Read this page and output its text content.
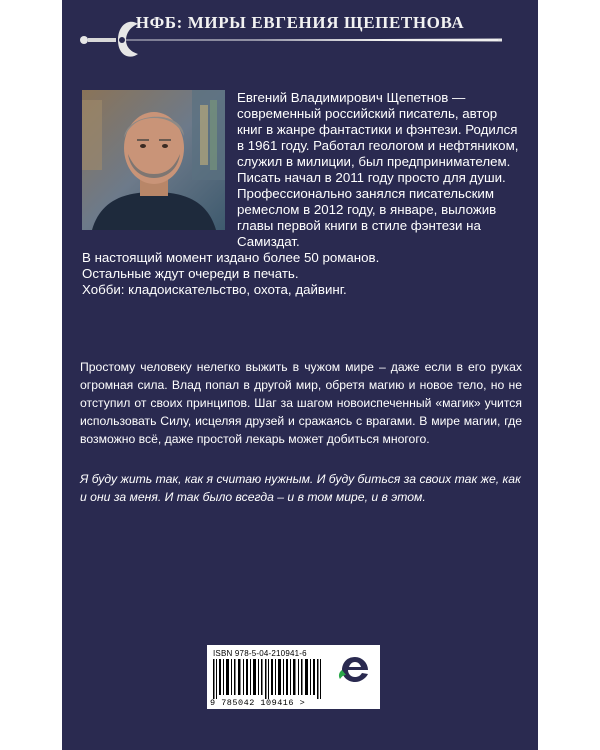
НФБ: МИРЫ ЕВГЕНИЯ ЩЕПЕТНОВА

Евгений Владимирович Щепетнов — современный российский писатель, автор книг в жанре фантастики и фэнтези. Родился в 1961 году. Работал геологом и нефтяником, служил в милиции, был предпринимателем.

Писать начал в 2011 году просто для души.

Профессионально занялся писательским ремеслом в 2012 году, в январе, выложив главы первой книги в стиле фэнтези на Самиздат.

В настоящий момент издано более 50 романов.

Остальные ждут очереди в печать.

Хобби: кладоискательство, охота, дайвинг.

Простому человеку нелегко выжить в чужом мире – даже если в его руках огромная сила. Влад попал в другой мир, обретя магию и новое тело, но не отступил от своих принципов. Шаг за шагом новоиспеченный «магик» учится использовать Силу, исцеляя друзей и сражаясь с врагами. В мире магии, где возможно всё, даже простой лекарь может добиться многого.
Я буду жить так, как я считаю нужным. И буду биться за своих так же, как и они за меня. И так было всегда – и в том мире, и в этом.
ISBN 978-5-04-210941-6
9 785042 109416 >
ЭКСМО
